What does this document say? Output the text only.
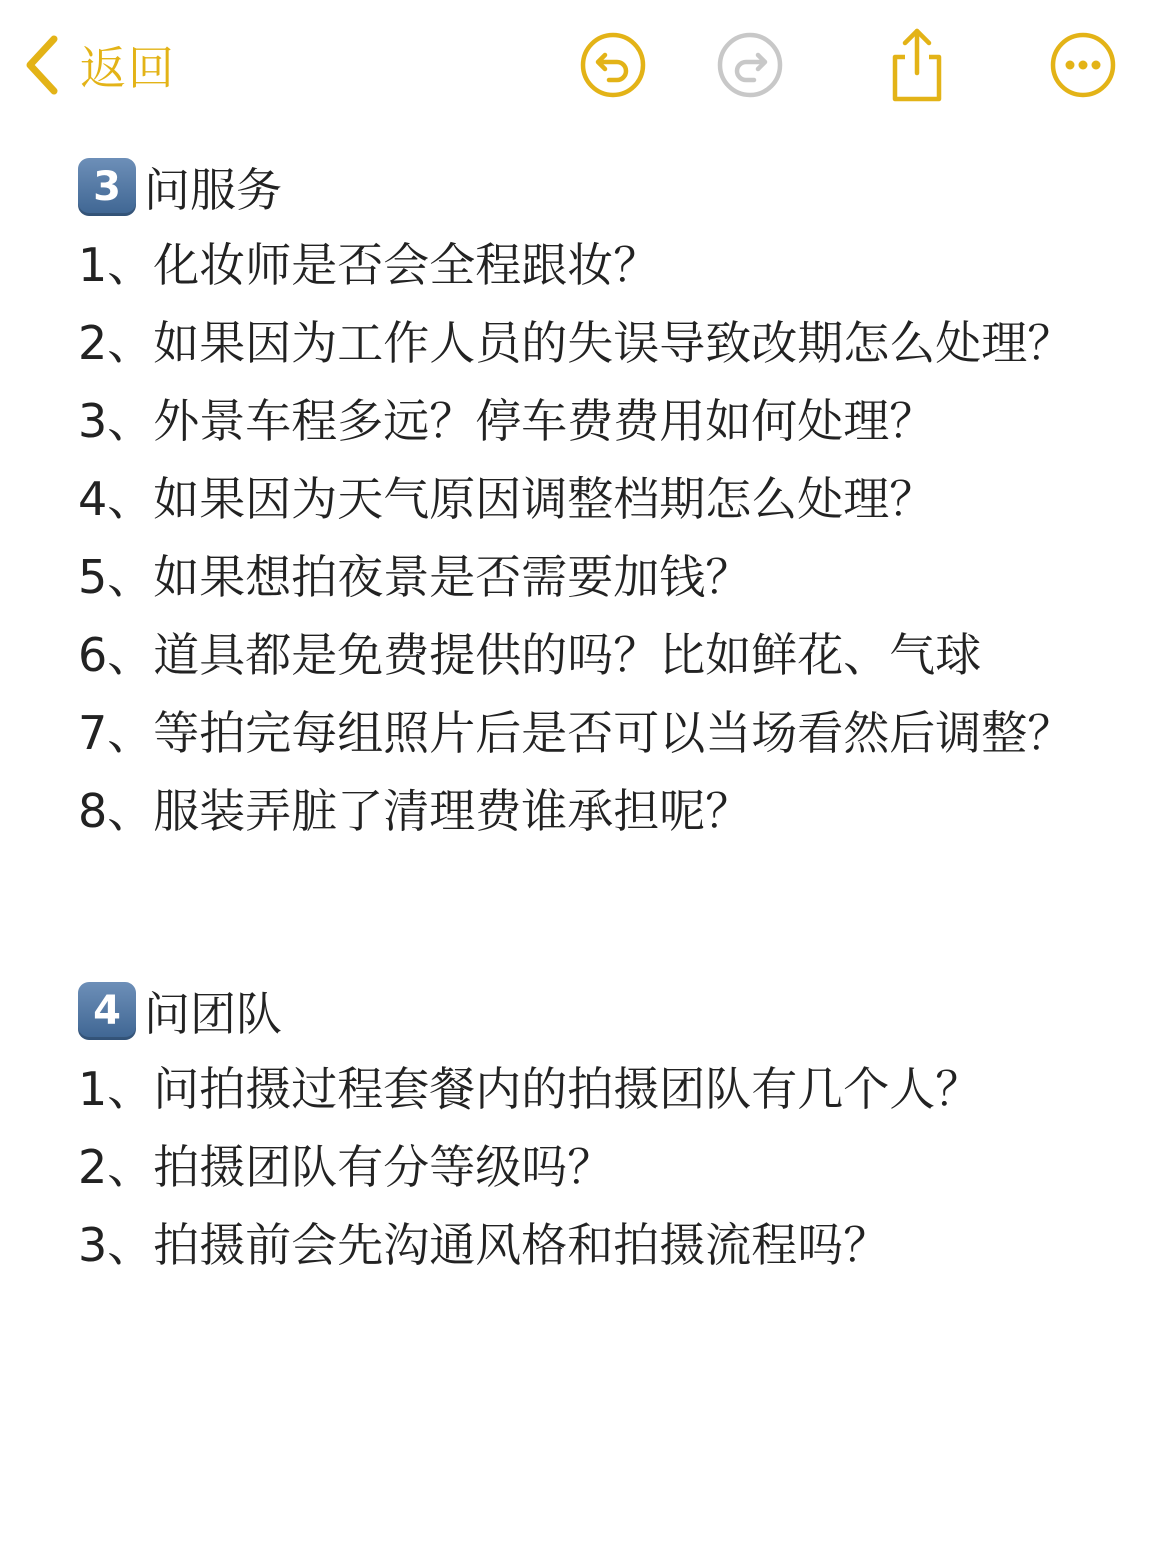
返回
3 问服务
1、化妆师是否会全程跟妆？
2、如果因为工作人员的失误导致改期怎么处理？
3、外景车程多远？停车费费用如何处理？
4、如果因为天气原因调整档期怎么处理？
5、如果想拍夜景是否需要加钱？
6、道具都是免费提供的吗？比如鲜花、气球
7、等拍完每组照片后是否可以当场看然后调整？
8、服装弄脏了清理费谁承担呢？
4 问团队
1、问拍摄过程套餐内的拍摄团队有几个人？
2、拍摄团队有分等级吗？
3、拍摄前会先沟通风格和拍摄流程吗？
